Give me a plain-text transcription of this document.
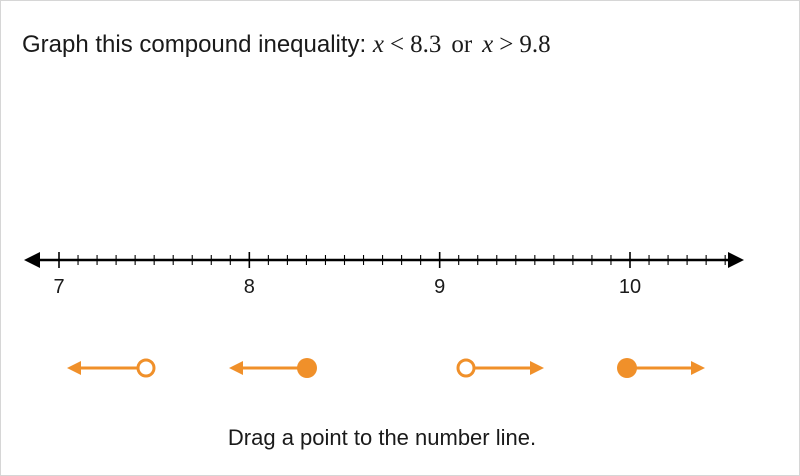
Graph this compound inequality: x < 8.3 or x > 9.8
7	8	9	10
Drag a point to the number line.
